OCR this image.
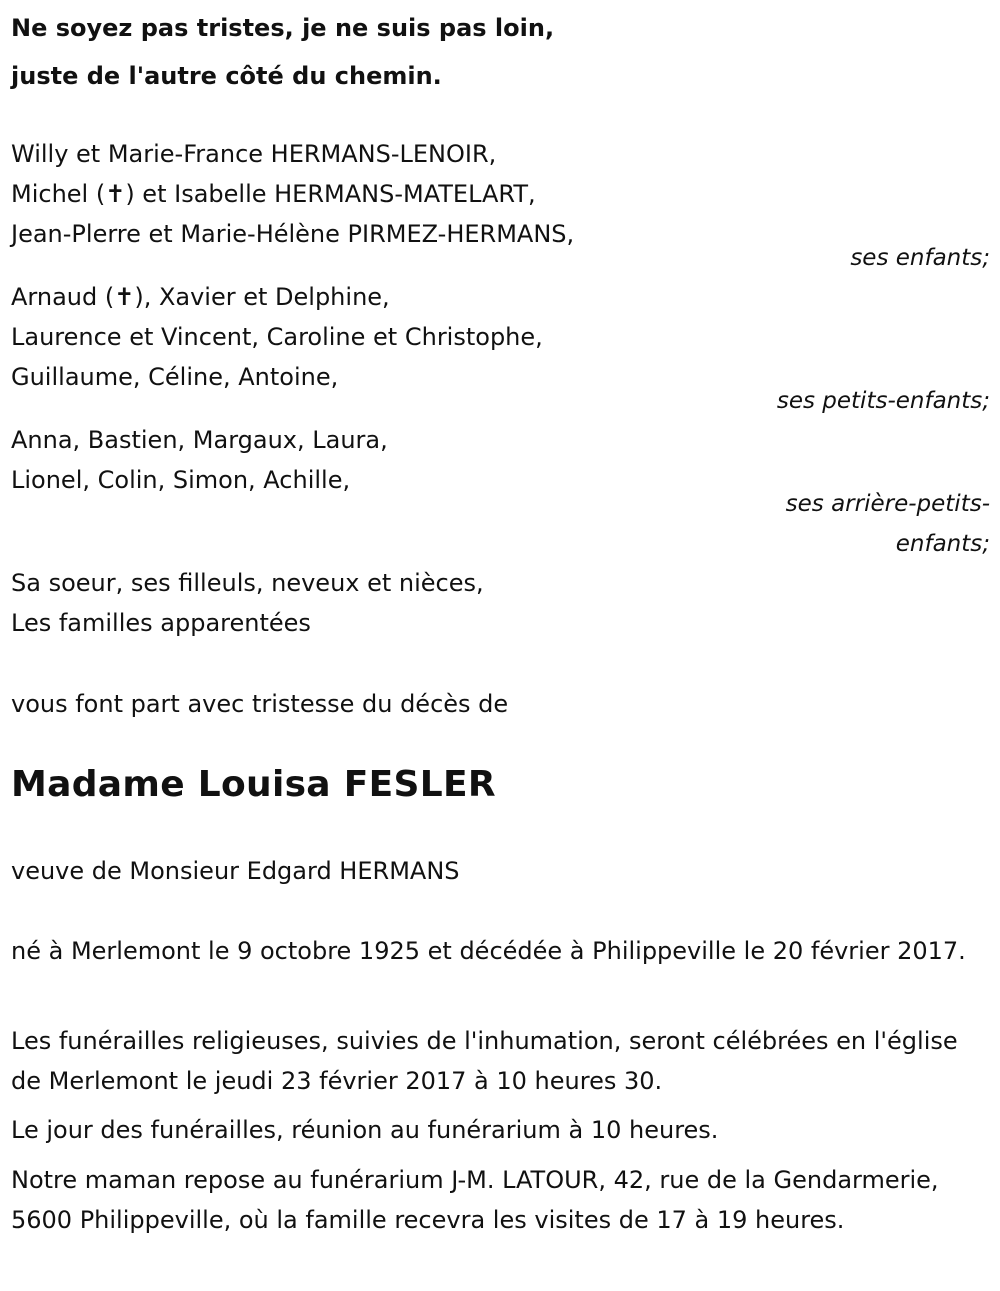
Ne soyez pas tristes, je ne suis pas loin,
juste de l'autre côté du chemin.
Willy et Marie-France HERMANS-LENOIR,
Michel (✝) et Isabelle HERMANS-MATELART,
Jean-Plerre et Marie-Hélène PIRMEZ-HERMANS,
ses enfants;
Arnaud (✝), Xavier et Delphine,
Laurence et Vincent, Caroline et Christophe,
Guillaume, Céline, Antoine,
ses petits-enfants;
Anna, Bastien, Margaux, Laura,
Lionel, Colin, Simon, Achille,
ses arrière-petits-
enfants;
Sa soeur, ses filleuls, neveux et nièces,
Les familles apparentées
vous font part avec tristesse du décès de
Madame Louisa FESLER
veuve de Monsieur Edgard HERMANS
né à Merlemont le 9 octobre 1925 et décédée à Philippeville le 20 février 2017.
Les funérailles religieuses, suivies de l'inhumation, seront célébrées en l'église de Merlemont le jeudi 23 février 2017 à 10 heures 30.
Le jour des funérailles, réunion au funérarium à 10 heures.
Notre maman repose au funérarium J-M. LATOUR, 42, rue de la Gendarmerie, 5600 Philippeville, où la famille recevra les visites de 17 à 19 heures.
